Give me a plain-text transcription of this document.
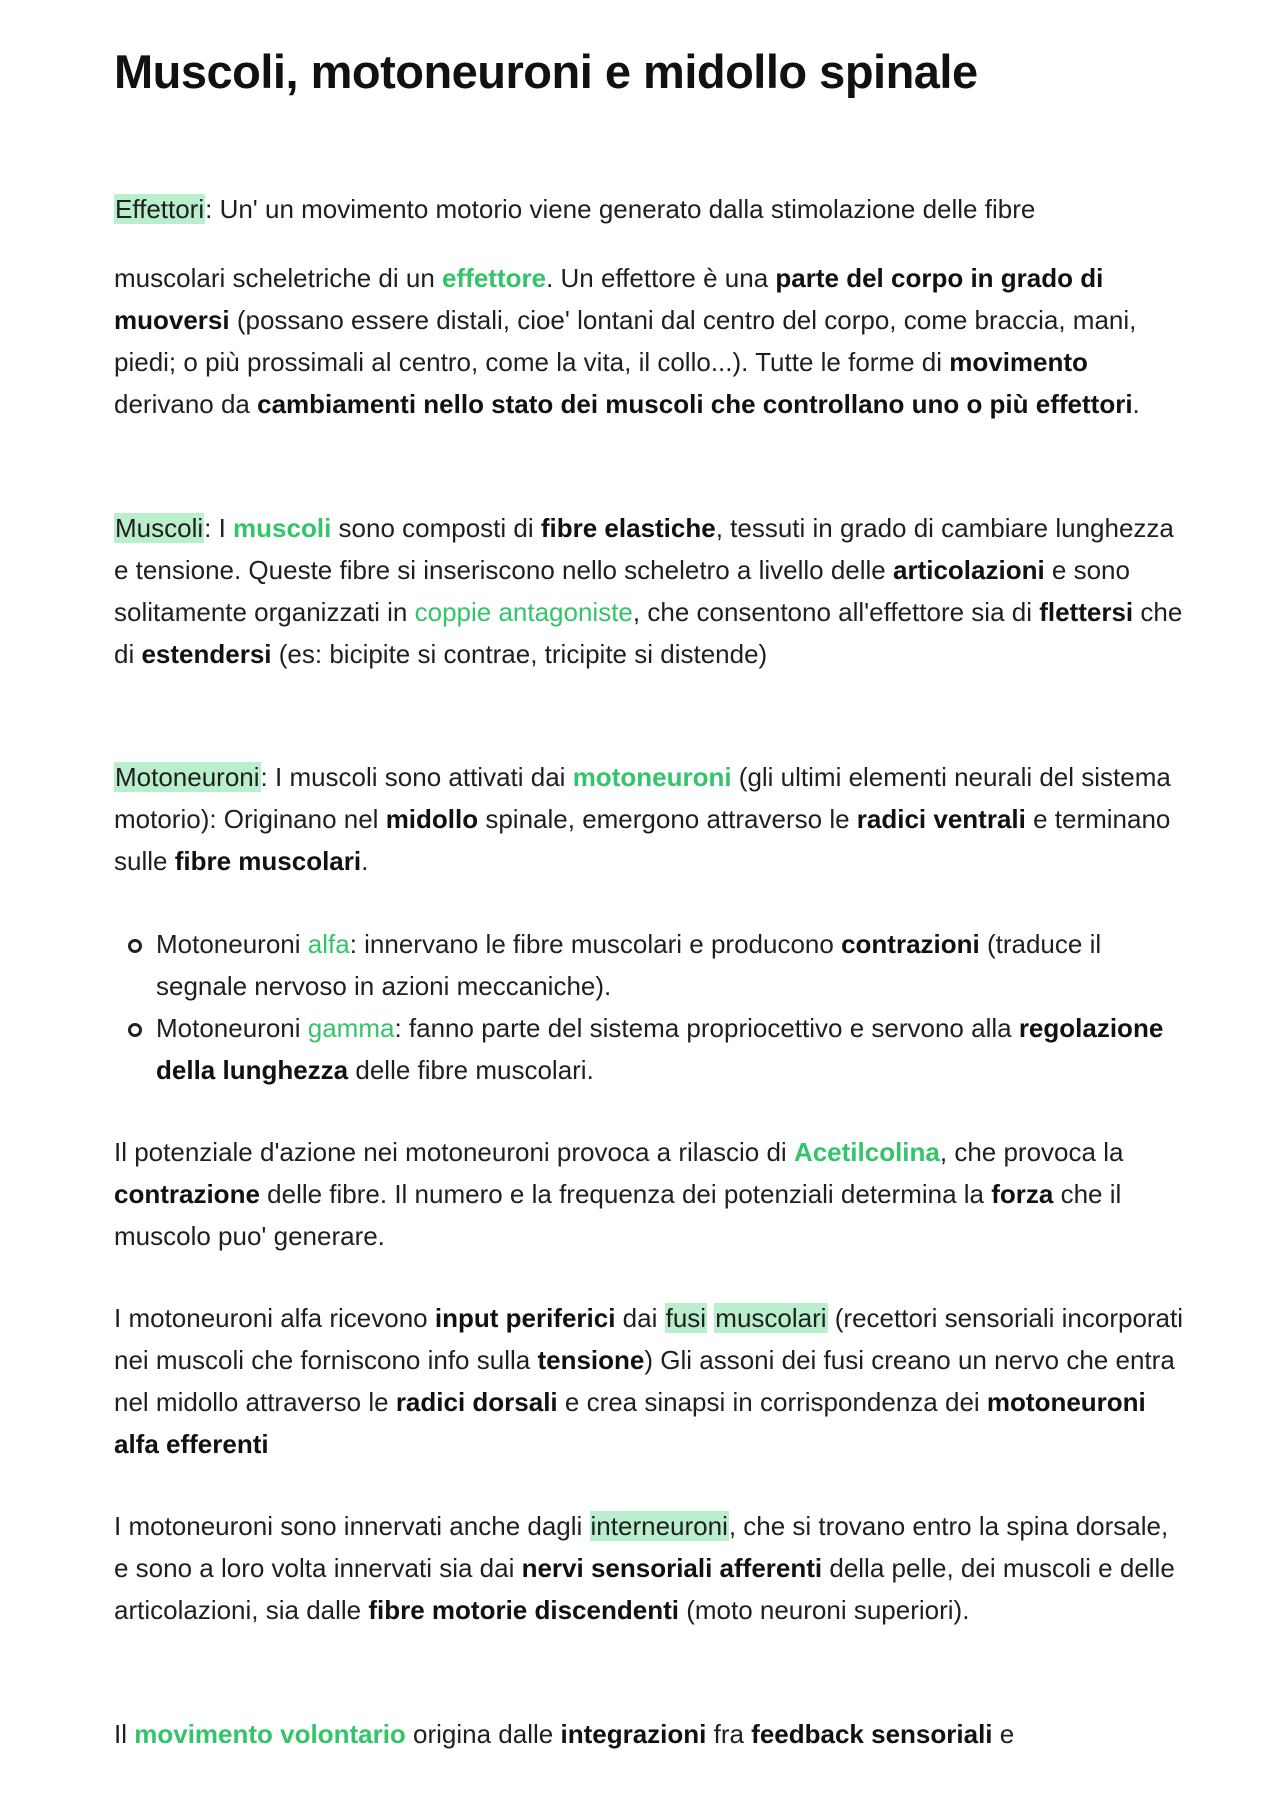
Muscoli, motoneuroni e midollo spinale

Effettori: Un' un movimento motorio viene generato dalla stimolazione delle fibre

muscolari scheletriche di un effettore. Un effettore è una parte del corpo in grado di muoversi (possano essere distali, cioe' lontani dal centro del corpo, come braccia, mani, piedi; o più prossimali al centro, come la vita, il collo...). Tutte le forme di movimento derivano da cambiamenti nello stato dei muscoli che controllano uno o più effettori.

Muscoli: I muscoli sono composti di fibre elastiche, tessuti in grado di cambiare lunghezza e tensione. Queste fibre si inseriscono nello scheletro a livello delle articolazioni e sono solitamente organizzati in coppie antagoniste, che consentono all'effettore sia di flettersi che di estendersi (es: bicipite si contrae, tricipite si distende)

Motoneuroni: I muscoli sono attivati dai motoneuroni (gli ultimi elementi neurali del sistema motorio): Originano nel midollo spinale, emergono attraverso le radici ventrali e terminano sulle fibre muscolari.

Motoneuroni alfa: innervano le fibre muscolari e producono contrazioni (traduce il segnale nervoso in azioni meccaniche).
Motoneuroni gamma: fanno parte del sistema propriocettivo e servono alla regolazione della lunghezza delle fibre muscolari.

Il potenziale d'azione nei motoneuroni provoca a rilascio di Acetilcolina, che provoca la contrazione delle fibre. Il numero e la frequenza dei potenziali determina la forza che il muscolo puo' generare.

I motoneuroni alfa ricevono input periferici dai fusi muscolari (recettori sensoriali incorporati nei muscoli che forniscono info sulla tensione) Gli assoni dei fusi creano un nervo che entra nel midollo attraverso le radici dorsali e crea sinapsi in corrispondenza dei motoneuroni alfa efferenti

I motoneuroni sono innervati anche dagli interneuroni, che si trovano entro la spina dorsale, e sono a loro volta innervati sia dai nervi sensoriali afferenti della pelle, dei muscoli e delle articolazioni, sia dalle fibre motorie discendenti (moto neuroni superiori).

Il movimento volontario origina dalle integrazioni fra feedback sensoriali e
